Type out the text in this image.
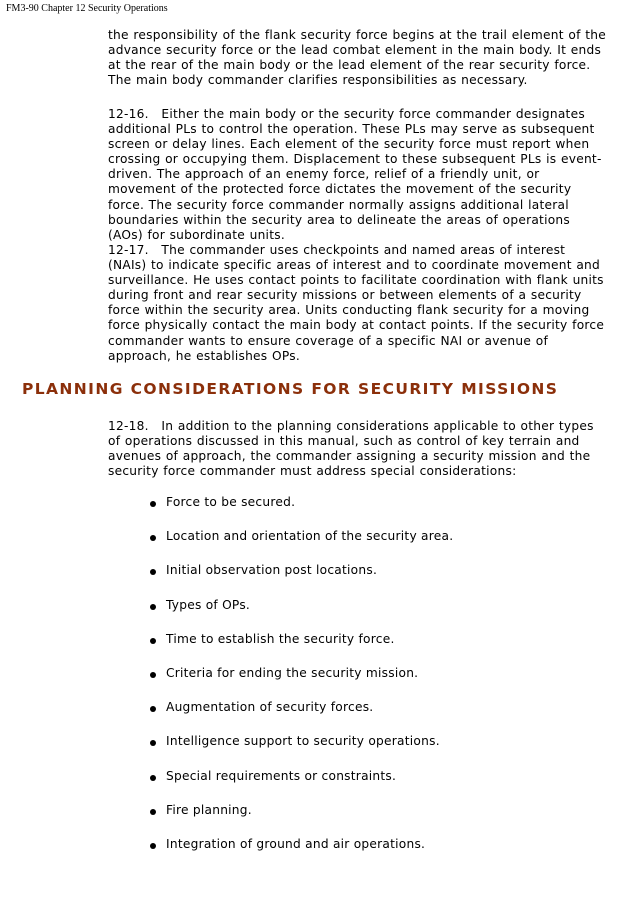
FM3-90 Chapter 12 Security Operations

the responsibility of the flank security force begins at the trail element of the advance security force or the lead combat element in the main body. It ends at the rear of the main body or the lead element of the rear security force. The main body commander clarifies responsibilities as necessary.

12-16. Either the main body or the security force commander designates additional PLs to control the operation. These PLs may serve as subsequent screen or delay lines. Each element of the security force must report when crossing or occupying them. Displacement to these subsequent PLs is event-driven. The approach of an enemy force, relief of a friendly unit, or movement of the protected force dictates the movement of the security force. The security force commander normally assigns additional lateral boundaries within the security area to delineate the areas of operations (AOs) for subordinate units.

12-17. The commander uses checkpoints and named areas of interest (NAIs) to indicate specific areas of interest and to coordinate movement and surveillance. He uses contact points to facilitate coordination with flank units during front and rear security missions or between elements of a security force within the security area. Units conducting flank security for a moving force physically contact the main body at contact points. If the security force commander wants to ensure coverage of a specific NAI or avenue of approach, he establishes OPs.

PLANNING CONSIDERATIONS FOR SECURITY MISSIONS

12-18. In addition to the planning considerations applicable to other types of operations discussed in this manual, such as control of key terrain and avenues of approach, the commander assigning a security mission and the security force commander must address special considerations:

Force to be secured.
Location and orientation of the security area.
Initial observation post locations.
Types of OPs.
Time to establish the security force.
Criteria for ending the security mission.
Augmentation of security forces.
Intelligence support to security operations.
Special requirements or constraints.
Fire planning.
Integration of ground and air operations.
